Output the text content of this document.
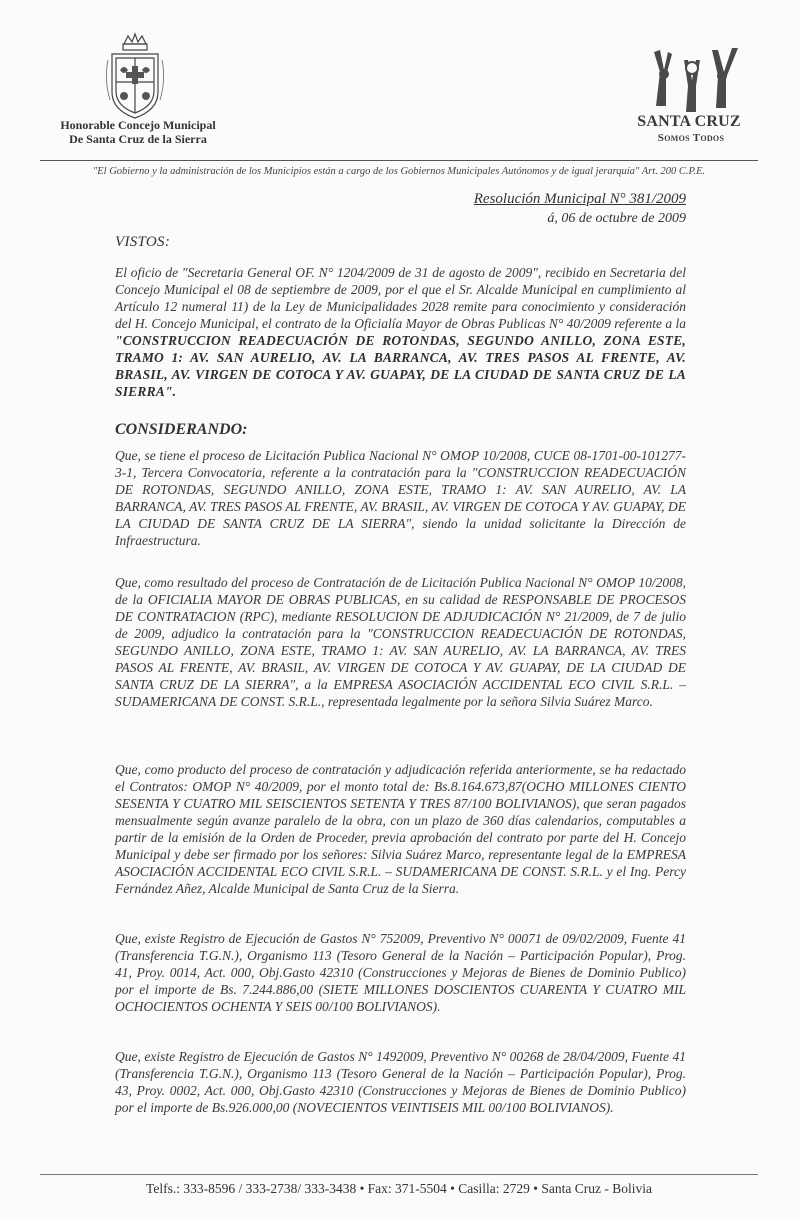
Honorable Concejo Municipal
De Santa Cruz de la Sierra
SANTA CRUZ
Somos Todos
"El Gobierno y la administración de los Municipios están a cargo de los Gobiernos Municipales Autónomos y de igual jerarquía" Art. 200 C.P.E.
Resolución Municipal N° 381/2009
á, 06 de octubre de 2009
VISTOS:
El oficio de "Secretaria General OF. N° 1204/2009 de 31 de agosto de 2009", recibido en Secretaria del Concejo Municipal el 08 de septiembre de 2009, por el que el Sr. Alcalde Municipal en cumplimiento al Artículo 12 numeral 11) de la Ley de Municipalidades 2028 remite para conocimiento y consideración del H. Concejo Municipal, el contrato de la Oficialía Mayor de Obras Publicas N° 40/2009 referente a la "CONSTRUCCION READECUACIÓN DE ROTONDAS, SEGUNDO ANILLO, ZONA ESTE, TRAMO 1: AV. SAN AURELIO, AV. LA BARRANCA, AV. TRES PASOS AL FRENTE, AV. BRASIL, AV. VIRGEN DE COTOCA Y AV. GUAPAY, DE LA CIUDAD DE SANTA CRUZ DE LA SIERRA".
CONSIDERANDO:
Que, se tiene el proceso de Licitación Publica Nacional N° OMOP 10/2008, CUCE 08-1701-00-101277-3-1, Tercera Convocatoria, referente a la contratación para la "CONSTRUCCION READECUACIÓN DE ROTONDAS, SEGUNDO ANILLO, ZONA ESTE, TRAMO 1: AV. SAN AURELIO, AV. LA BARRANCA, AV. TRES PASOS AL FRENTE, AV. BRASIL, AV. VIRGEN DE COTOCA Y AV. GUAPAY, DE LA CIUDAD DE SANTA CRUZ DE LA SIERRA", siendo la unidad solicitante la Dirección de Infraestructura.
Que, como resultado del proceso de Contratación de de Licitación Publica Nacional N° OMOP 10/2008, de la OFICIALIA MAYOR DE OBRAS PUBLICAS, en su calidad de RESPONSABLE DE PROCESOS DE CONTRATACION (RPC), mediante RESOLUCION DE ADJUDICACIÓN N° 21/2009, de 7 de julio de 2009, adjudico la contratación para la "CONSTRUCCION READECUACIÓN DE ROTONDAS, SEGUNDO ANILLO, ZONA ESTE, TRAMO 1: AV. SAN AURELIO, AV. LA BARRANCA, AV. TRES PASOS AL FRENTE, AV. BRASIL, AV. VIRGEN DE COTOCA Y AV. GUAPAY, DE LA CIUDAD DE SANTA CRUZ DE LA SIERRA", a la EMPRESA ASOCIACIÓN ACCIDENTAL ECO CIVIL S.R.L. – SUDAMERICANA DE CONST. S.R.L., representada legalmente por la señora Silvia Suárez Marco.
Que, como producto del proceso de contratación y adjudicación referida anteriormente, se ha redactado el Contratos: OMOP N° 40/2009, por el monto total de: Bs.8.164.673,87(OCHO MILLONES CIENTO SESENTA Y CUATRO MIL SEISCIENTOS SETENTA Y TRES 87/100 BOLIVIANOS), que seran pagados mensualmente según avanze paralelo de la obra, con un plazo de 360 días calendarios, computables a partir de la emisión de la Orden de Proceder, previa aprobación del contrato por parte del H. Concejo Municipal y debe ser firmado por los señores: Silvia Suárez Marco, representante legal de la EMPRESA ASOCIACIÓN ACCIDENTAL ECO CIVIL S.R.L. – SUDAMERICANA DE CONST. S.R.L. y el Ing. Percy Fernández Añez, Alcalde Municipal de Santa Cruz de la Sierra.
Que, existe Registro de Ejecución de Gastos N° 752009, Preventivo N° 00071 de 09/02/2009, Fuente 41 (Transferencia T.G.N.), Organismo 113 (Tesoro General de la Nación – Participación Popular), Prog. 41, Proy. 0014, Act. 000, Obj.Gasto 42310 (Construcciones y Mejoras de Bienes de Dominio Publico) por el importe de Bs. 7.244.886,00 (SIETE MILLONES DOSCIENTOS CUARENTA Y CUATRO MIL OCHOCIENTOS OCHENTA Y SEIS 00/100 BOLIVIANOS).
Que, existe Registro de Ejecución de Gastos N° 1492009, Preventivo N° 00268 de 28/04/2009, Fuente 41 (Transferencia T.G.N.), Organismo 113 (Tesoro General de la Nación – Participación Popular), Prog. 43, Proy. 0002, Act. 000, Obj.Gasto 42310 (Construcciones y Mejoras de Bienes de Dominio Publico) por el importe de Bs.926.000,00 (NOVECIENTOS VEINTISEIS MIL 00/100 BOLIVIANOS).
Telfs.: 333-8596 / 333-2738/ 333-3438 • Fax: 371-5504 • Casilla: 2729 • Santa Cruz - Bolivia
